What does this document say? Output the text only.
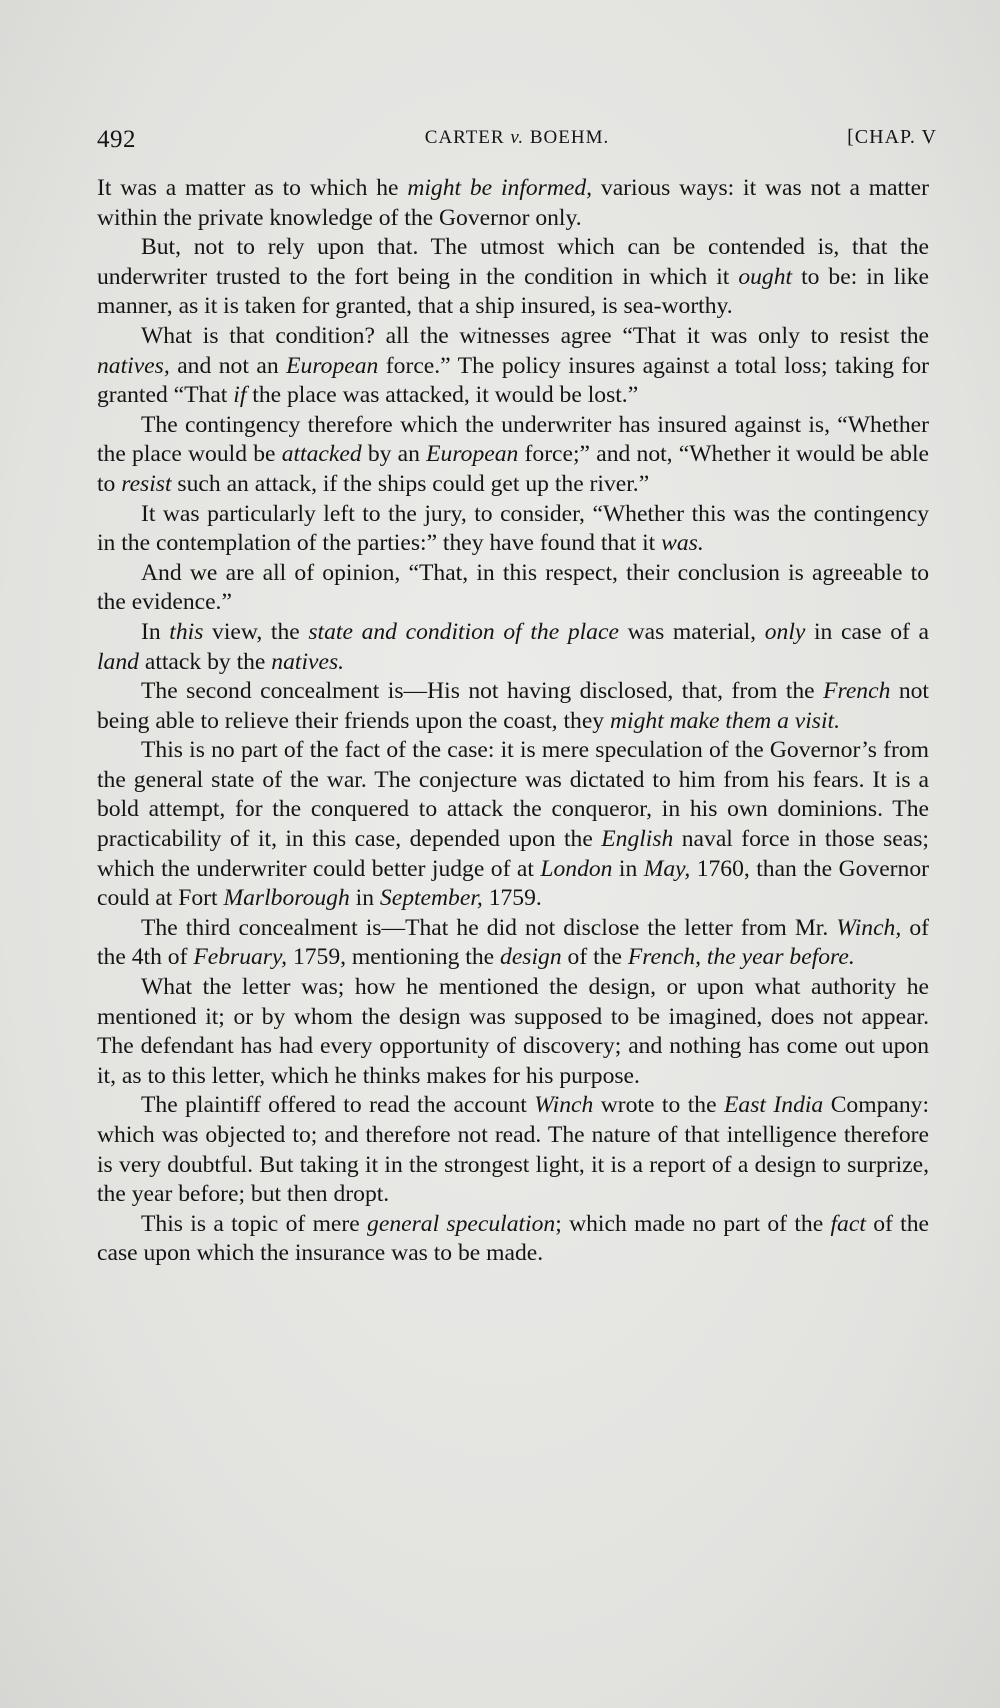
492	CARTER v. BOEHM.	[CHAP. V

It was a matter as to which he might be informed, various ways: it was not a matter within the private knowledge of the Governor only.

But, not to rely upon that. The utmost which can be contended is, that the underwriter trusted to the fort being in the condition in which it ought to be: in like manner, as it is taken for granted, that a ship insured, is sea-worthy.

What is that condition? all the witnesses agree “That it was only to resist the natives, and not an European force.” The policy insures against a total loss; taking for granted “That if the place was attacked, it would be lost.”

The contingency therefore which the underwriter has insured against is, “Whether the place would be attacked by an European force;” and not, “Whether it would be able to resist such an attack, if the ships could get up the river.”

It was particularly left to the jury, to consider, “Whether this was the contingency in the contemplation of the parties:” they have found that it was.

And we are all of opinion, “That, in this respect, their conclusion is agreeable to the evidence.”

In this view, the state and condition of the place was material, only in case of a land attack by the natives.

The second concealment is—His not having disclosed, that, from the French not being able to relieve their friends upon the coast, they might make them a visit.

This is no part of the fact of the case: it is mere speculation of the Governor’s from the general state of the war. The conjecture was dictated to him from his fears. It is a bold attempt, for the conquered to attack the conqueror, in his own dominions. The practicability of it, in this case, depended upon the English naval force in those seas; which the underwriter could better judge of at London in May, 1760, than the Governor could at Fort Marlborough in September, 1759.

The third concealment is—That he did not disclose the letter from Mr. Winch, of the 4th of February, 1759, mentioning the design of the French, the year before.

What the letter was; how he mentioned the design, or upon what authority he mentioned it; or by whom the design was supposed to be imagined, does not appear. The defendant has had every opportunity of discovery; and nothing has come out upon it, as to this letter, which he thinks makes for his purpose.

The plaintiff offered to read the account Winch wrote to the East India Company: which was objected to; and therefore not read. The nature of that intelligence therefore is very doubtful. But taking it in the strongest light, it is a report of a design to surprize, the year before; but then dropt.

This is a topic of mere general speculation; which made no part of the fact of the case upon which the insurance was to be made.
